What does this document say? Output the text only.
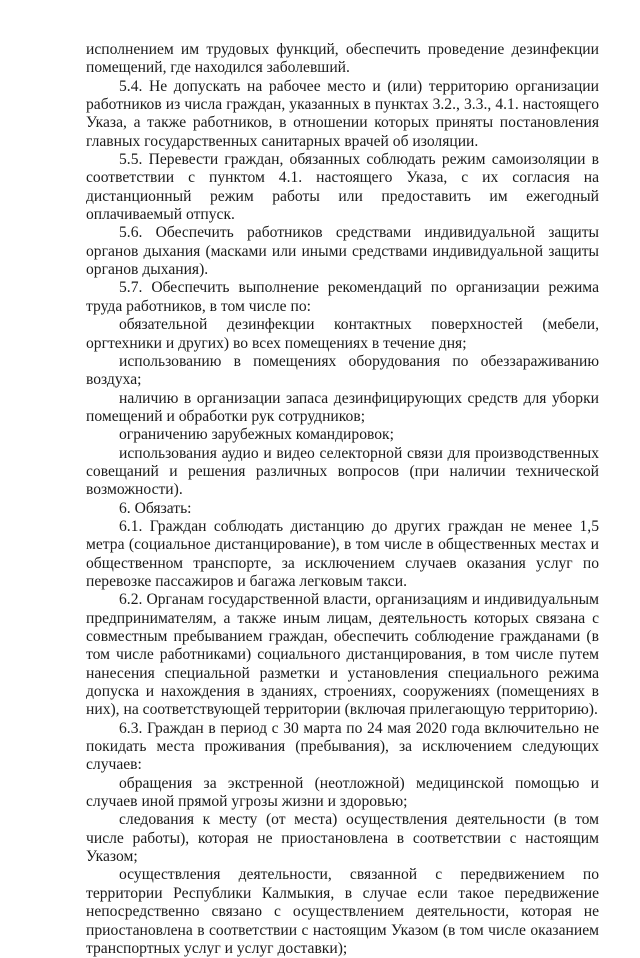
исполнением им трудовых функций, обеспечить проведение дезинфекции помещений, где находился заболевший.

5.4. Не допускать на рабочее место и (или) территорию организации работников из числа граждан, указанных в пунктах 3.2., 3.3., 4.1. настоящего Указа, а также работников, в отношении которых приняты постановления главных государственных санитарных врачей об изоляции.

5.5. Перевести граждан, обязанных соблюдать режим самоизоляции в соответствии с пунктом 4.1. настоящего Указа, с их согласия на дистанционный режим работы или предоставить им ежегодный оплачиваемый отпуск.

5.6. Обеспечить работников средствами индивидуальной защиты органов дыхания (масками или иными средствами индивидуальной защиты органов дыхания).

5.7. Обеспечить выполнение рекомендаций по организации режима труда работников, в том числе по:

обязательной дезинфекции контактных поверхностей (мебели, оргтехники и других) во всех помещениях в течение дня;

использованию в помещениях оборудования по обеззараживанию воздуха;

наличию в организации запаса дезинфицирующих средств для уборки помещений и обработки рук сотрудников;

ограничению зарубежных командировок;

использования аудио и видео селекторной связи для производственных совещаний и решения различных вопросов (при наличии технической возможности).

6. Обязать:

6.1. Граждан соблюдать дистанцию до других граждан не менее 1,5 метра (социальное дистанцирование), в том числе в общественных местах и общественном транспорте, за исключением случаев оказания услуг по перевозке пассажиров и багажа легковым такси.

6.2. Органам государственной власти, организациям и индивидуальным предпринимателям, а также иным лицам, деятельность которых связана с совместным пребыванием граждан, обеспечить соблюдение гражданами (в том числе работниками) социального дистанцирования, в том числе путем нанесения специальной разметки и установления специального режима допуска и нахождения в зданиях, строениях, сооружениях (помещениях в них), на соответствующей территории (включая прилегающую территорию).

6.3. Граждан в период с 30 марта по 24 мая 2020 года включительно не покидать места проживания (пребывания), за исключением следующих случаев:

обращения за экстренной (неотложной) медицинской помощью и случаев иной прямой угрозы жизни и здоровью;

следования к месту (от места) осуществления деятельности (в том числе работы), которая не приостановлена в соответствии с настоящим Указом;

осуществления деятельности, связанной с передвижением по территории Республики Калмыкия, в случае если такое передвижение непосредственно связано с осуществлением деятельности, которая не приостановлена в соответствии с настоящим Указом (в том числе оказанием транспортных услуг и услуг доставки);
